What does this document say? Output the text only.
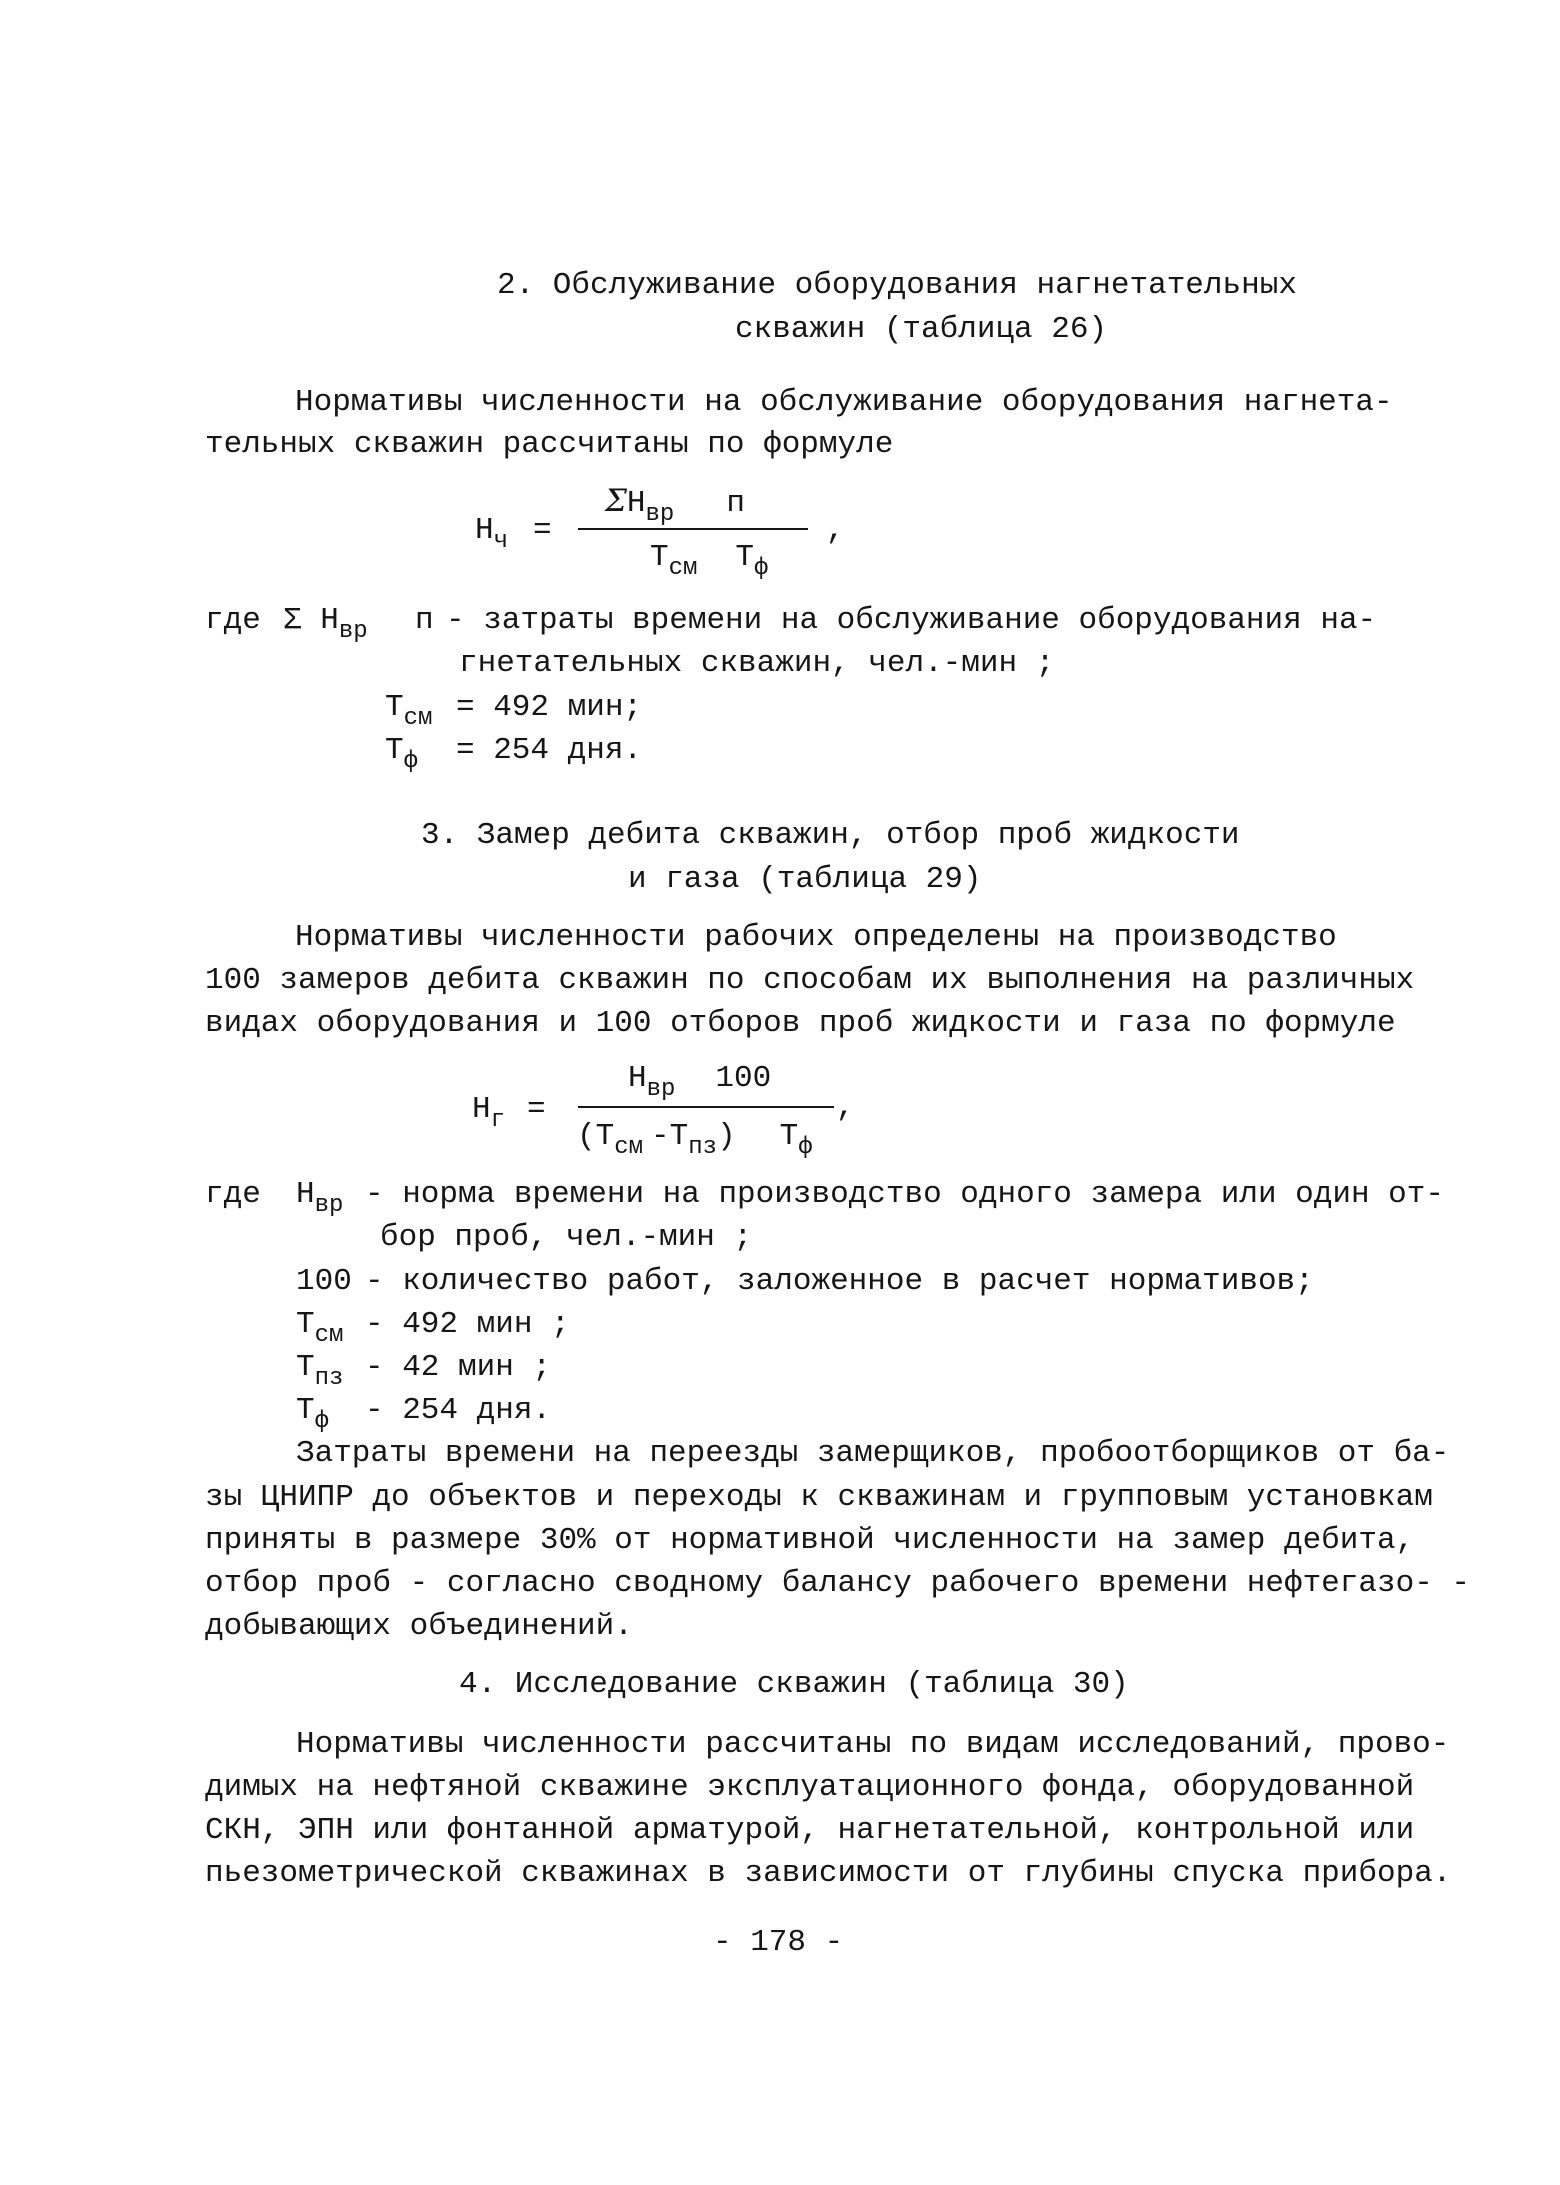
2. Обслуживание оборудования нагнетательных
скважин (таблица 26)
Нормативы численности на обслуживание оборудования нагнета-
тельных скважин рассчитаны по формуле
$Н_ч$ =
$\Sigma Н_{вр}$ п
$Т_{см}$ $Т_ф$
,
где Σ $Н_{вр}$ п - затраты времени на обслуживание оборудования на-
гнетательных скважин, чел.-мин ;
$Т_{см} = 492$ мин;
$Т_ф = 254$ дня.
3. Замер дебита скважин, отбор проб жидкости
и газа (таблица 29)
Нормативы численности рабочих определены на производство
100 замеров дебита скважин по способам их выполнения на различных
видах оборудования и 100 отборов проб жидкости и газа по формуле
$Н_г$ =
$Н_{вр}$ 100
($Т_{см}$ $-Т_{пз}$) $Т_ф$
,
где $Н_{вр}$ - норма времени на производство одного замера или один от-
бор проб, чел.-мин ;
100 - количество работ, заложенное в расчет нормативов;
$Т_{см} - 492$ мин ;
$Т_{пз} - 42$ мин ;
$Т_ф - 254$ дня.
Затраты времени на переезды замерщиков, пробоотборщиков от ба-
зы ЦНИПР до объектов и переходы к скважинам и групповым установкам
приняты в размере 30% от нормативной численности на замер дебита,
отбор проб - согласно сводному балансу рабочего времени нефтегазо- -
добывающих объединений.
4. Исследование скважин (таблица 30)
Нормативы численности рассчитаны по видам исследований, прово-
димых на нефтяной скважине эксплуатационного фонда, оборудованной
СКН, ЭПН или фонтанной арматурой, нагнетательной, контрольной или
пьезометрической скважинах в зависимости от глубины спуска прибора.
- 178 -
